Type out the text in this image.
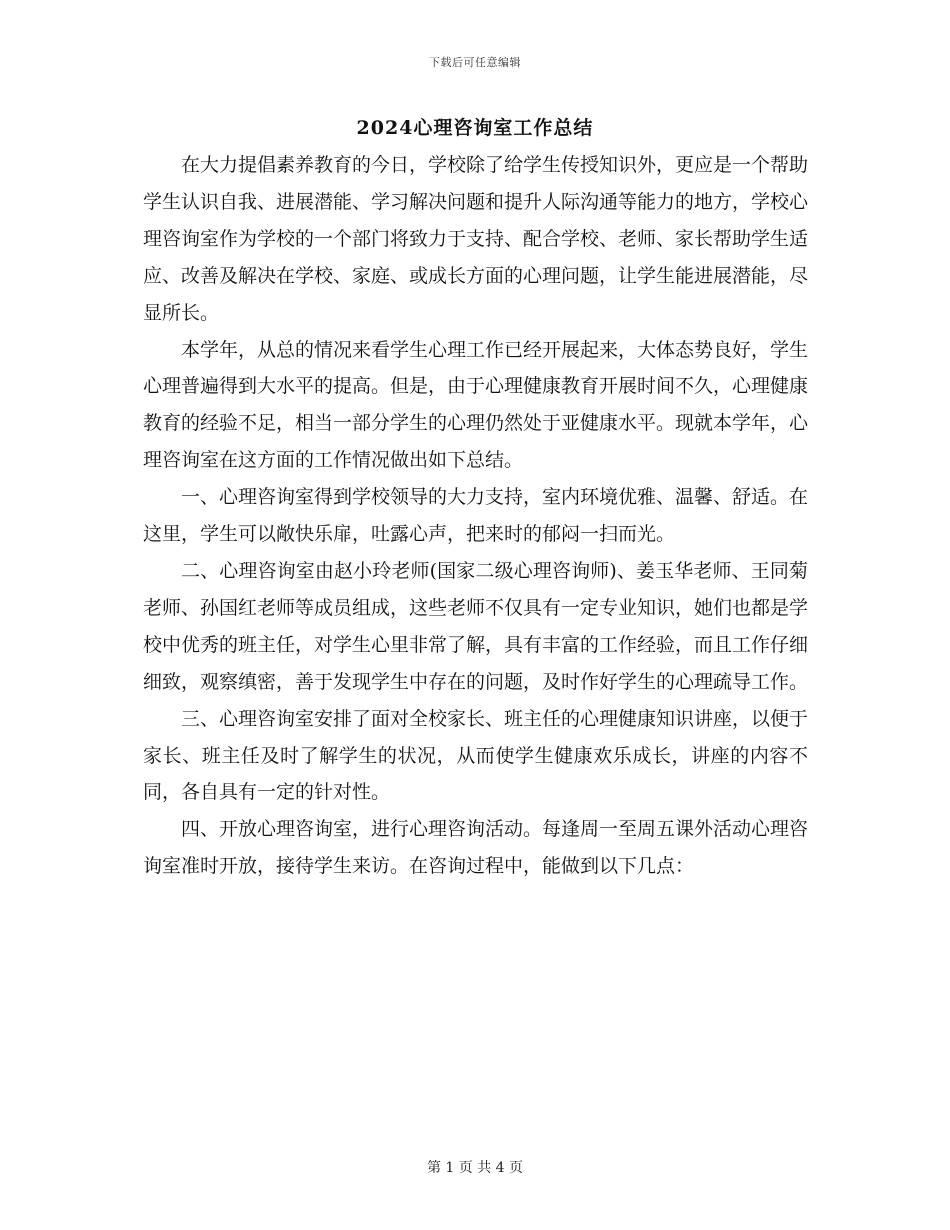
下载后可任意编辑
2024心理咨询室工作总结

在大力提倡素养教育的今日，学校除了给学生传授知识外，更应是一个帮助学生认识自我、进展潜能、学习解决问题和提升人际沟通等能力的地方，学校心理咨询室作为学校的一个部门将致力于支持、配合学校、老师、家长帮助学生适应、改善及解决在学校、家庭、或成长方面的心理问题，让学生能进展潜能，尽显所长。

本学年，从总的情况来看学生心理工作已经开展起来，大体态势良好，学生心理普遍得到大水平的提高。但是，由于心理健康教育开展时间不久，心理健康教育的经验不足，相当一部分学生的心理仍然处于亚健康水平。现就本学年，心理咨询室在这方面的工作情况做出如下总结。

一、心理咨询室得到学校领导的大力支持，室内环境优雅、温馨、舒适。在这里，学生可以敞快乐扉，吐露心声，把来时的郁闷一扫而光。

二、心理咨询室由赵小玲老师(国家二级心理咨询师)、姜玉华老师、王同菊老师、孙国红老师等成员组成，这些老师不仅具有一定专业知识，她们也都是学校中优秀的班主任，对学生心里非常了解，具有丰富的工作经验，而且工作仔细细致，观察缜密，善于发现学生中存在的问题，及时作好学生的心理疏导工作。

三、心理咨询室安排了面对全校家长、班主任的心理健康知识讲座，以便于家长、班主任及时了解学生的状况，从而使学生健康欢乐成长，讲座的内容不同，各自具有一定的针对性。

四、开放心理咨询室，进行心理咨询活动。每逢周一至周五课外活动心理咨询室准时开放，接待学生来访。在咨询过程中，能做到以下几点：

第 1 页 共 4 页
